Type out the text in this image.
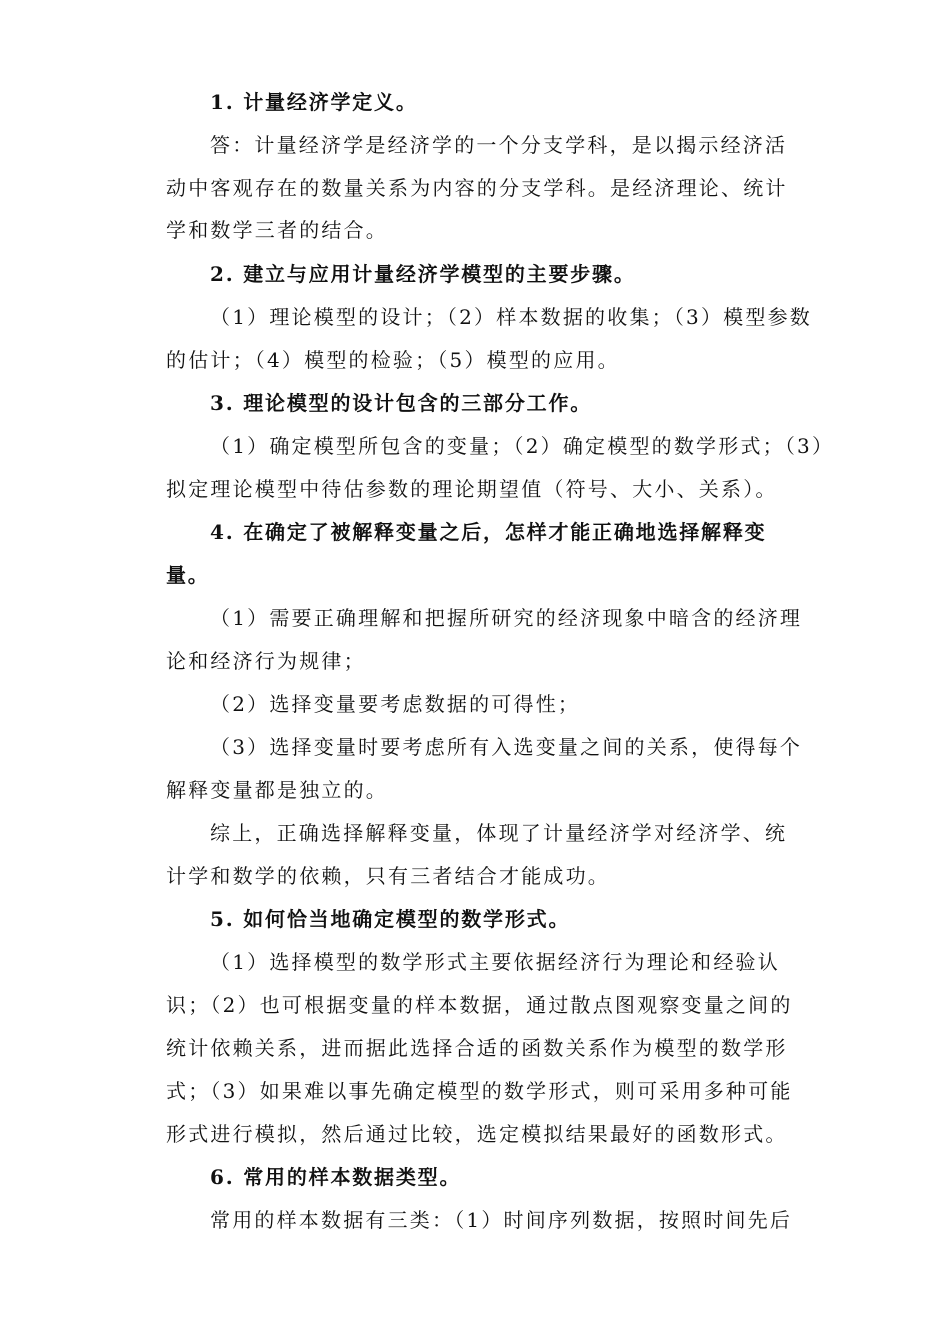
1. 计量经济学定义。
答：计量经济学是经济学的一个分支学科，是以揭示经济活
动中客观存在的数量关系为内容的分支学科。是经济理论、统计
学和数学三者的结合。
2. 建立与应用计量经济学模型的主要步骤。
（1）理论模型的设计；（2）样本数据的收集；（3）模型参数
的估计；（4）模型的检验；（5）模型的应用。
3. 理论模型的设计包含的三部分工作。
（1）确定模型所包含的变量；（2）确定模型的数学形式；（3）
拟定理论模型中待估参数的理论期望值（符号、大小、关系）。
4. 在确定了被解释变量之后，怎样才能正确地选择解释变
量。
（1）需要正确理解和把握所研究的经济现象中暗含的经济理
论和经济行为规律；
（2）选择变量要考虑数据的可得性；
（3）选择变量时要考虑所有入选变量之间的关系，使得每个
解释变量都是独立的。
综上，正确选择解释变量，体现了计量经济学对经济学、统
计学和数学的依赖，只有三者结合才能成功。
5. 如何恰当地确定模型的数学形式。
（1）选择模型的数学形式主要依据经济行为理论和经验认
识；（2）也可根据变量的样本数据，通过散点图观察变量之间的
统计依赖关系，进而据此选择合适的函数关系作为模型的数学形
式；（3）如果难以事先确定模型的数学形式，则可采用多种可能
形式进行模拟，然后通过比较，选定模拟结果最好的函数形式。
6. 常用的样本数据类型。
常用的样本数据有三类：（1）时间序列数据，按照时间先后
